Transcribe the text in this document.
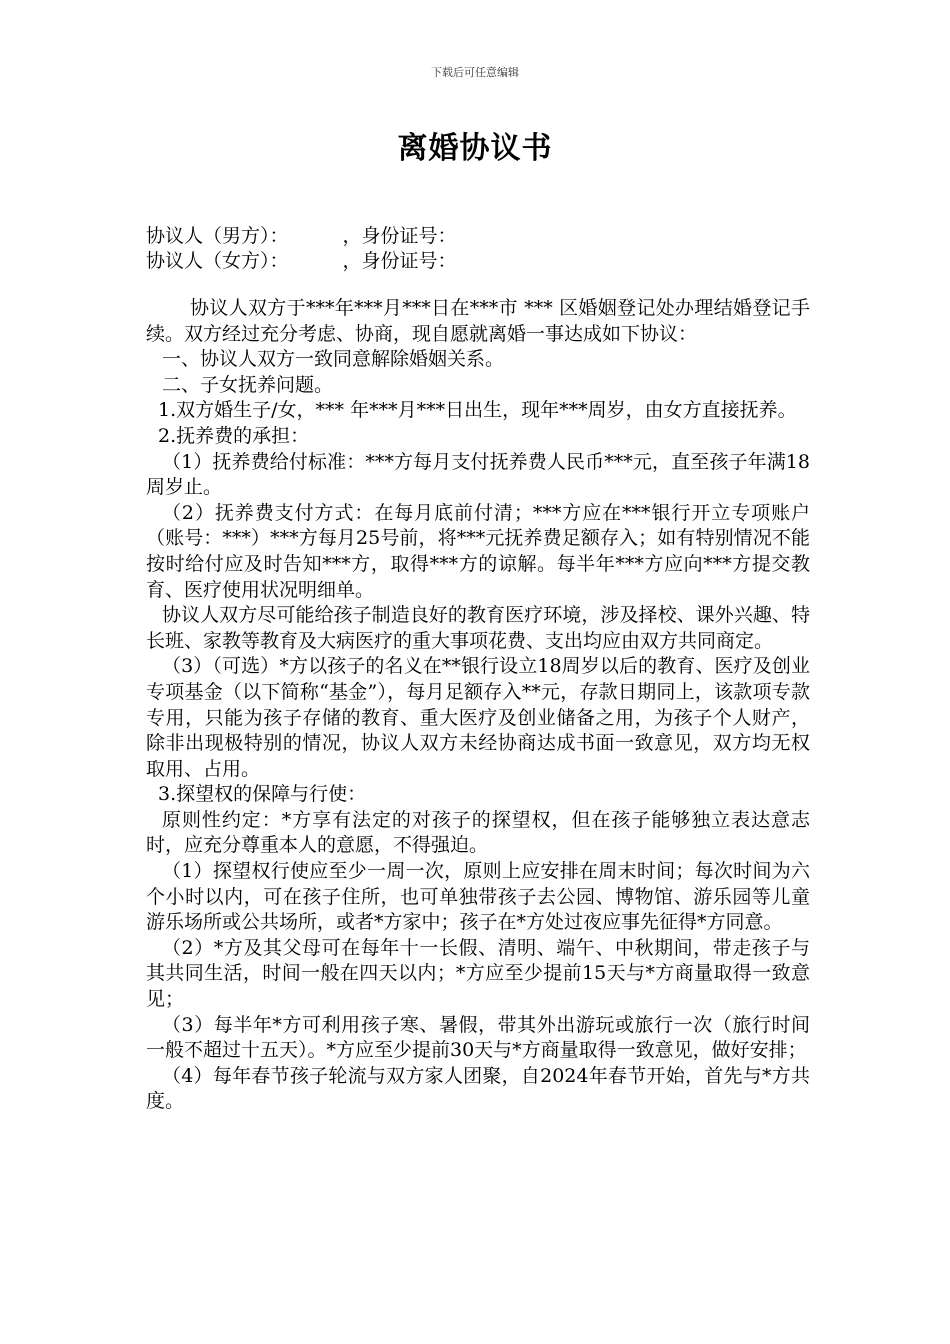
下载后可任意编辑
离婚协议书
协议人（男方）：	，身份证号：
协议人（女方）：	，身份证号：

协议人双方于***年***月***日在***市 *** 区婚姻登记处办理结婚登记手续。双方经过充分考虑、协商，现自愿就离婚一事达成如下协议：

一、协议人双方一致同意解除婚姻关系。

二、子女抚养问题。

1.双方婚生子/女，*** 年***月***日出生，现年***周岁，由女方直接抚养。

2.抚养费的承担：

（1）抚养费给付标准：***方每月支付抚养费人民币***元，直至孩子年满18周岁止。

（2）抚养费支付方式：在每月底前付清；***方应在***银行开立专项账户（账号：***）***方每月25号前，将***元抚养费足额存入；如有特别情况不能按时给付应及时告知***方，取得***方的谅解。每半年***方应向***方提交教育、医疗使用状况明细单。

协议人双方尽可能给孩子制造良好的教育医疗环境，涉及择校、课外兴趣、特长班、家教等教育及大病医疗的重大事项花费、支出均应由双方共同商定。

（3）（可选）*方以孩子的名义在**银行设立18周岁以后的教育、医疗及创业专项基金（以下简称“基金”），每月足额存入**元，存款日期同上，该款项专款专用，只能为孩子存储的教育、重大医疗及创业储备之用，为孩子个人财产，除非出现极特别的情况，协议人双方未经协商达成书面一致意见，双方均无权取用、占用。

3.探望权的保障与行使：

原则性约定：*方享有法定的对孩子的探望权，但在孩子能够独立表达意志时，应充分尊重本人的意愿，不得强迫。

（1）探望权行使应至少一周一次，原则上应安排在周末时间；每次时间为六个小时以内，可在孩子住所，也可单独带孩子去公园、博物馆、游乐园等儿童游乐场所或公共场所，或者*方家中；孩子在*方处过夜应事先征得*方同意。

（2）*方及其父母可在每年十一长假、清明、端午、中秋期间，带走孩子与其共同生活，时间一般在四天以内；*方应至少提前15天与*方商量取得一致意见；

（3）每半年*方可利用孩子寒、暑假，带其外出游玩或旅行一次（旅行时间一般不超过十五天）。*方应至少提前30天与*方商量取得一致意见，做好安排；

（4）每年春节孩子轮流与双方家人团聚，自2024年春节开始，首先与*方共度。
